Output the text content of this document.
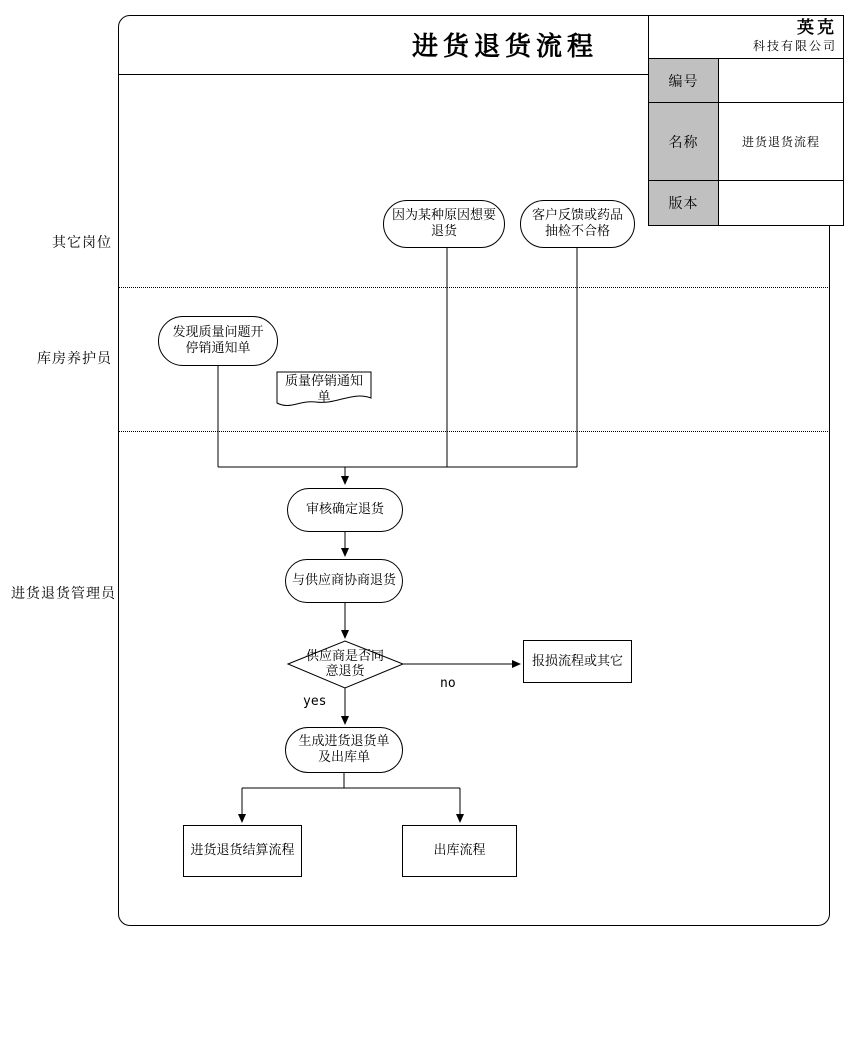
进货退货流程
英克
科技有限公司
编号
名称	进货退货流程
版本
其它岗位
库房养护员
进货退货管理员
因为某种原因想要退货
客户反馈或药品抽检不合格
发现质量问题开停销通知单
质量停销通知单
审核确定退货
与供应商协商退货
供应商是否同意退货
yes
no
报损流程或其它
生成进货退货单及出库单
进货退货结算流程	出库流程
